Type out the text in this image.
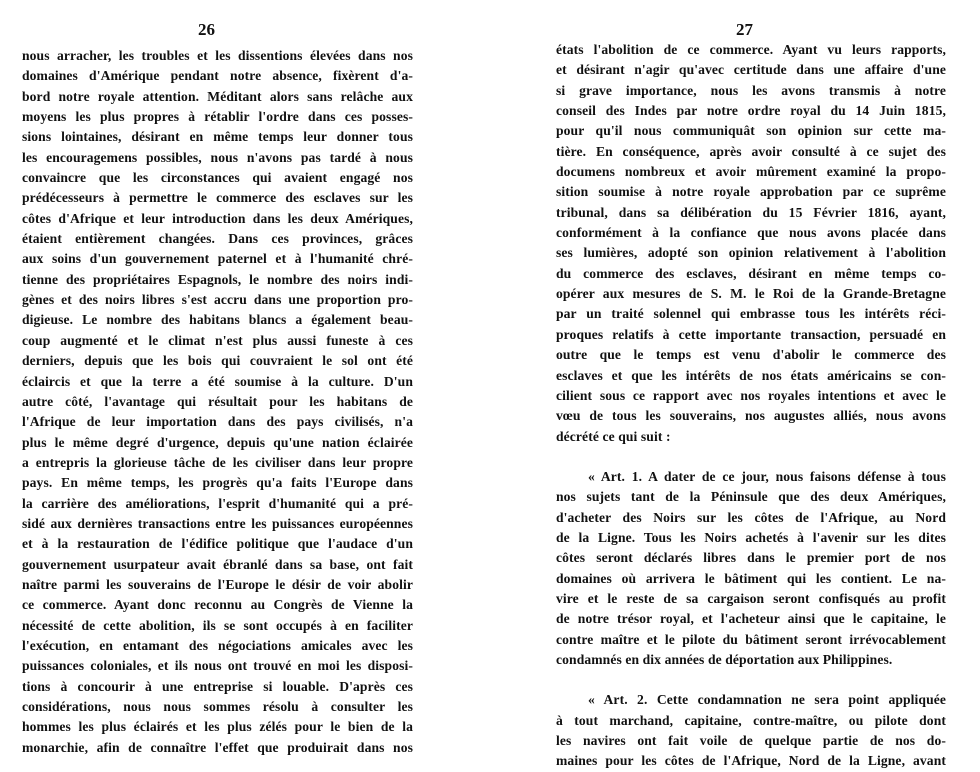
26
nous arracher, les troubles et les dissentions élevées dans nos
domaines d'Amérique pendant notre absence, fixèrent d'a-
bord notre royale attention. Méditant alors sans relâche aux
moyens les plus propres à rétablir l'ordre dans ces posses-
sions lointaines, désirant en même temps leur donner tous
les encouragemens possibles, nous n'avons pas tardé à nous
convaincre que les circonstances qui avaient engagé nos
prédécesseurs à permettre le commerce des esclaves sur les
côtes d'Afrique et leur introduction dans les deux Amériques,
étaient entièrement changées. Dans ces provinces, grâces
aux soins d'un gouvernement paternel et à l'humanité chré-
tienne des propriétaires Espagnols, le nombre des noirs indi-
gènes et des noirs libres s'est accru dans une proportion pro-
digieuse. Le nombre des habitans blancs a également beau-
coup augmenté et le climat n'est plus aussi funeste à ces
derniers, depuis que les bois qui couvraient le sol ont été
éclaircis et que la terre a été soumise à la culture. D'un
autre côté, l'avantage qui résultait pour les habitans de
l'Afrique de leur importation dans des pays civilisés, n'a
plus le même degré d'urgence, depuis qu'une nation éclairée
a entrepris la glorieuse tâche de les civiliser dans leur propre
pays. En même temps, les progrès qu'a faits l'Europe dans
la carrière des améliorations, l'esprit d'humanité qui a pré-
sidé aux dernières transactions entre les puissances européennes
et à la restauration de l'édifice politique que l'audace d'un
gouvernement usurpateur avait ébranlé dans sa base, ont fait
naître parmi les souverains de l'Europe le désir de voir abolir
ce commerce. Ayant donc reconnu au Congrès de Vienne la
nécessité de cette abolition, ils se sont occupés à en faciliter
l'exécution, en entamant des négociations amicales avec les
puissances coloniales, et ils nous ont trouvé en moi les disposi-
tions à concourir à une entreprise si louable. D'après ces
considérations, nous nous sommes résolu à consulter les
hommes les plus éclairés et les plus zélés pour le bien de la
monarchie, afin de connaître l'effet que produirait dans nos
27
états l'abolition de ce commerce. Ayant vu leurs rapports,
et désirant n'agir qu'avec certitude dans une affaire d'une
si grave importance, nous les avons transmis à notre
conseil des Indes par notre ordre royal du 14 Juin 1815,
pour qu'il nous communiquât son opinion sur cette ma-
tière. En conséquence, après avoir consulté à ce sujet des
documens nombreux et avoir mûrement examiné la propo-
sition soumise à notre royale approbation par ce suprême
tribunal, dans sa délibération du 15 Février 1816, ayant,
conformément à la confiance que nous avons placée dans
ses lumières, adopté son opinion relativement à l'abolition
du commerce des esclaves, désirant en même temps co-
opérer aux mesures de S. M. le Roi de la Grande-Bretagne
par un traité solennel qui embrasse tous les intérêts réci-
proques relatifs à cette importante transaction, persuadé en
outre que le temps est venu d'abolir le commerce des
esclaves et que les intérêts de nos états américains se con-
cilient sous ce rapport avec nos royales intentions et avec le
vœu de tous les souverains, nos augustes alliés, nous avons
décrété ce qui suit :
« Art. 1. A dater de ce jour, nous faisons défense à tous
nos sujets tant de la Péninsule que des deux Amériques,
d'acheter des Noirs sur les côtes de l'Afrique, au Nord
de la Ligne. Tous les Noirs achetés à l'avenir sur les dites
côtes seront déclarés libres dans le premier port de nos
domaines où arrivera le bâtiment qui les contient. Le na-
vire et le reste de sa cargaison seront confisqués au profit
de notre trésor royal, et l'acheteur ainsi que le capitaine, le
contre maître et le pilote du bâtiment seront irrévocablement
condamnés en dix années de déportation aux Philippines.
« Art. 2. Cette condamnation ne sera point appliquée
à tout marchand, capitaine, contre-maître, ou pilote dont
les navires ont fait voile de quelque partie de nos do-
maines pour les côtes de l'Afrique, Nord de la Ligne, avant
